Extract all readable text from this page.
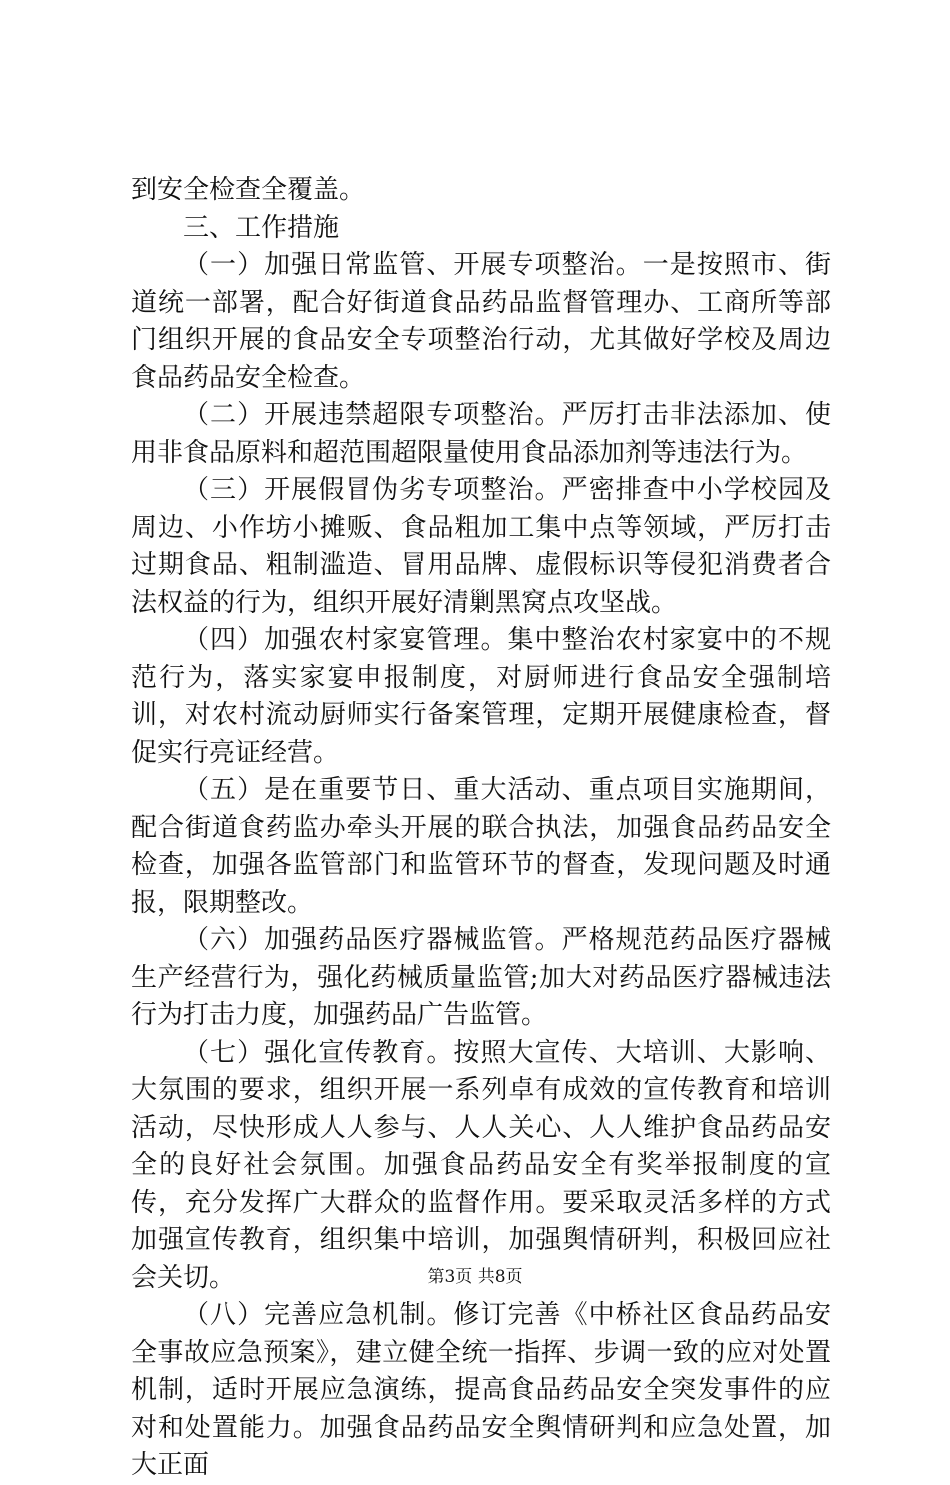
到安全检查全覆盖。

三、工作措施

（一）加强日常监管、开展专项整治。一是按照市、街道统一部署，配合好街道食品药品监督管理办、工商所等部门组织开展的食品安全专项整治行动，尤其做好学校及周边食品药品安全检查。

（二）开展违禁超限专项整治。严厉打击非法添加、使用非食品原料和超范围超限量使用食品添加剂等违法行为。

（三）开展假冒伪劣专项整治。严密排查中小学校园及周边、小作坊小摊贩、食品粗加工集中点等领域，严厉打击过期食品、粗制滥造、冒用品牌、虚假标识等侵犯消费者合法权益的行为，组织开展好清剿黑窝点攻坚战。

（四）加强农村家宴管理。集中整治农村家宴中的不规范行为，落实家宴申报制度，对厨师进行食品安全强制培训，对农村流动厨师实行备案管理，定期开展健康检查，督促实行亮证经营。

（五）是在重要节日、重大活动、重点项目实施期间，配合街道食药监办牵头开展的联合执法，加强食品药品安全检查，加强各监管部门和监管环节的督查，发现问题及时通报，限期整改。

（六）加强药品医疗器械监管。严格规范药品医疗器械生产经营行为，强化药械质量监管;加大对药品医疗器械违法行为打击力度，加强药品广告监管。

（七）强化宣传教育。按照大宣传、大培训、大影响、大氛围的要求，组织开展一系列卓有成效的宣传教育和培训活动，尽快形成人人参与、人人关心、人人维护食品药品安全的良好社会氛围。加强食品药品安全有奖举报制度的宣传，充分发挥广大群众的监督作用。要采取灵活多样的方式加强宣传教育，组织集中培训，加强舆情研判，积极回应社会关切。

（八）完善应急机制。修订完善《中桥社区食品药品安全事故应急预案》，建立健全统一指挥、步调一致的应对处置机制，适时开展应急演练，提高食品药品安全突发事件的应对和处置能力。加强食品药品安全舆情研判和应急处置，加大正面

第3页 共8页
